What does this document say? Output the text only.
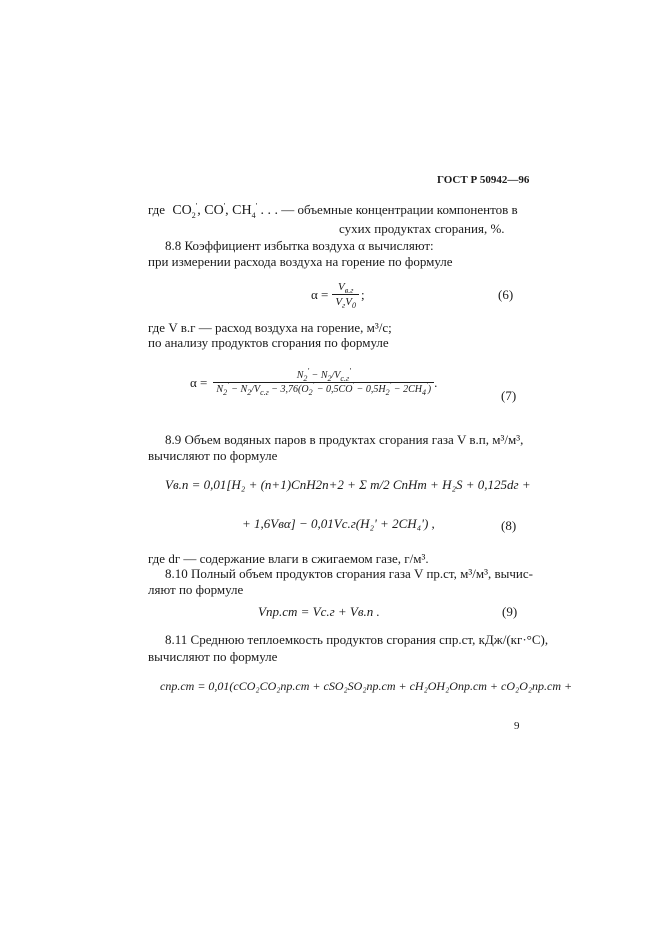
ГОСТ Р 50942—96
где $CO_2'$, CO', $CH_4'$ . . . — объемные концентрации компонентов в
сухих продуктах сгорания, %.
8.8 Коэффициент избытка воздуха α вычисляют:
при измерении расхода воздуха на горение по формуле
$\alpha = \frac{V_{в.г}}{V_гV_0}$ ;	(6)
где V в.г — расход воздуха на горение, м³/с;
по анализу продуктов сгорания по формуле
$\alpha = \frac{N_2' - N_2/V_{с.г}'}{N_2' - N_2/V_{с.г} - 3,76(O_2' - 0,5CO' - 0,5H_2' - 2CH_4')}$ .
(7)
8.9 Объем водяных паров в продуктах сгорания газа V в.п, м³/м³,
вычисляют по формуле
Vв.п = 0,01[H₂ + (n+1)CnH2n+2 + Σ m/2 CnHm + H₂S + 0,125dг +
+ 1,6Vвα] − 0,01Vс.г(H₂' + 2CH₄') ,	(8)
где dг — содержание влаги в сжигаемом газе, г/м³.
8.10 Полный объем продуктов сгорания газа V пр.ст, м³/м³, вычис-
ляют по формуле
Vпр.ст = Vс.г + Vв.п .	(9)
8.11 Среднюю теплоемкость продуктов сгорания cпр.ст, кДж/(кг·°С),
вычисляют по формуле
cпр.ст = 0,01(cCO₂CO₂пр.ст + cSO₂SO₂пр.ст + cH₂OH₂Oпр.ст + cO₂O₂пр.ст +
9
